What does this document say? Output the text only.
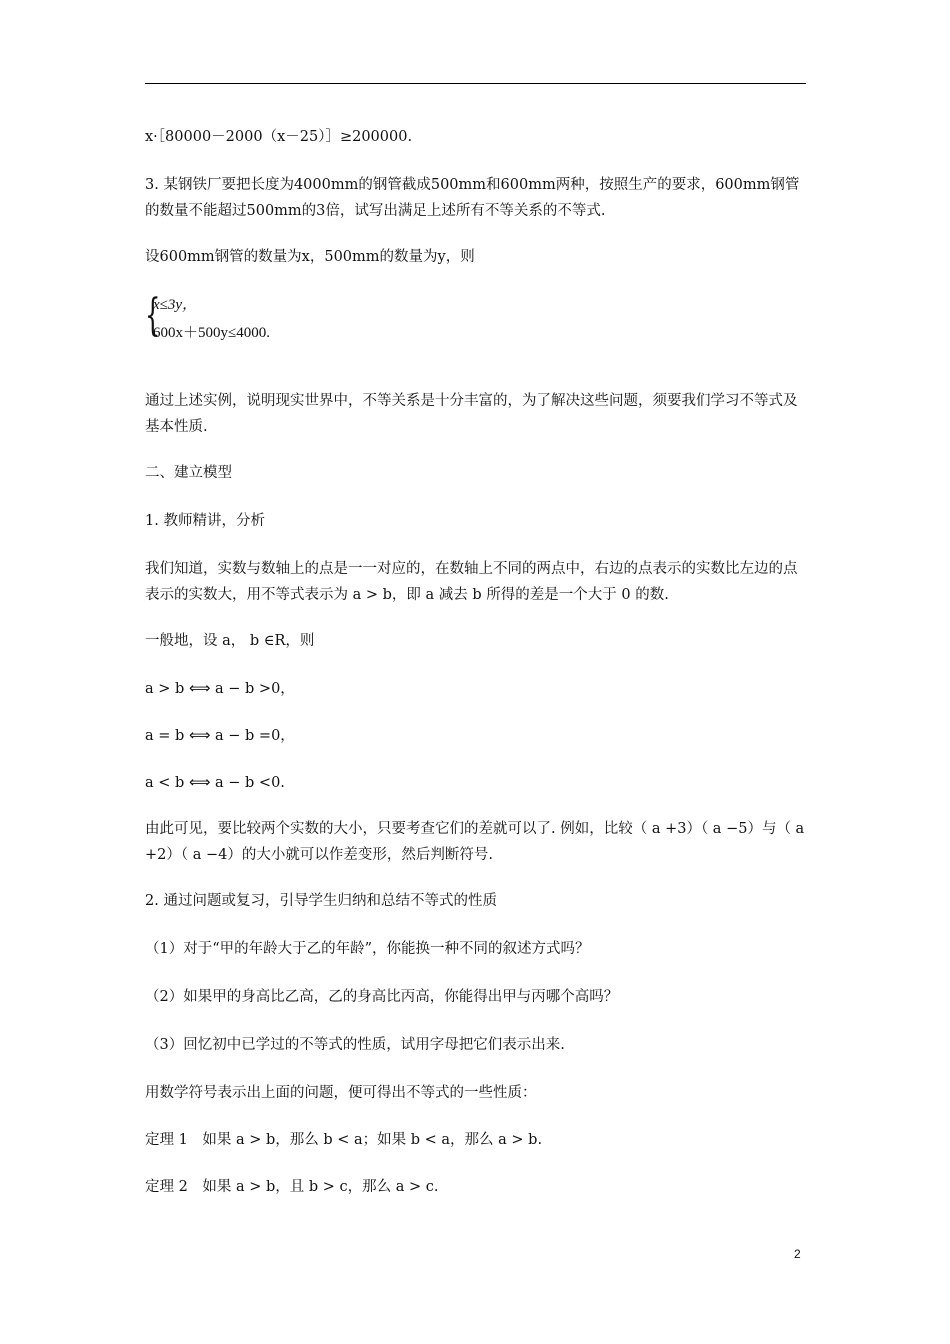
x·［80000－2000（x－25）］≥200000.

3. 某钢铁厂要把长度为4000mm的钢管截成500mm和600mm两种，按照生产的要求，600mm钢管的数量不能超过500mm的3倍，试写出满足上述所有不等关系的不等式.

设600mm钢管的数量为x，500mm的数量为y，则

{
x≤3y，
600x＋500y≤4000.

通过上述实例，说明现实世界中，不等关系是十分丰富的，为了解决这些问题，须要我们学习不等式及基本性质.

二、建立模型

1. 教师精讲，分析

我们知道，实数与数轴上的点是一一对应的，在数轴上不同的两点中，右边的点表示的实数比左边的点表示的实数大，用不等式表示为 a > b，即 a 减去 b 所得的差是一个大于 0 的数.

一般地，设 a， b ∈R，则

a > b ⟺ a − b >0，

a = b ⟺ a − b =0，

a < b ⟺ a − b <0.

由此可见，要比较两个实数的大小，只要考查它们的差就可以了. 例如，比较（ a +3）（ a −5）与（ a +2）（ a −4）的大小就可以作差变形，然后判断符号.

2. 通过问题或复习，引导学生归纳和总结不等式的性质

（1）对于“甲的年龄大于乙的年龄”，你能换一种不同的叙述方式吗？

（2）如果甲的身高比乙高，乙的身高比丙高，你能得出甲与丙哪个高吗？

（3）回忆初中已学过的不等式的性质，试用字母把它们表示出来.

用数学符号表示出上面的问题，便可得出不等式的一些性质：

定理 1　如果 a > b，那么 b < a；如果 b < a，那么 a > b.

定理 2　如果 a > b，且 b > c，那么 a > c.

2
